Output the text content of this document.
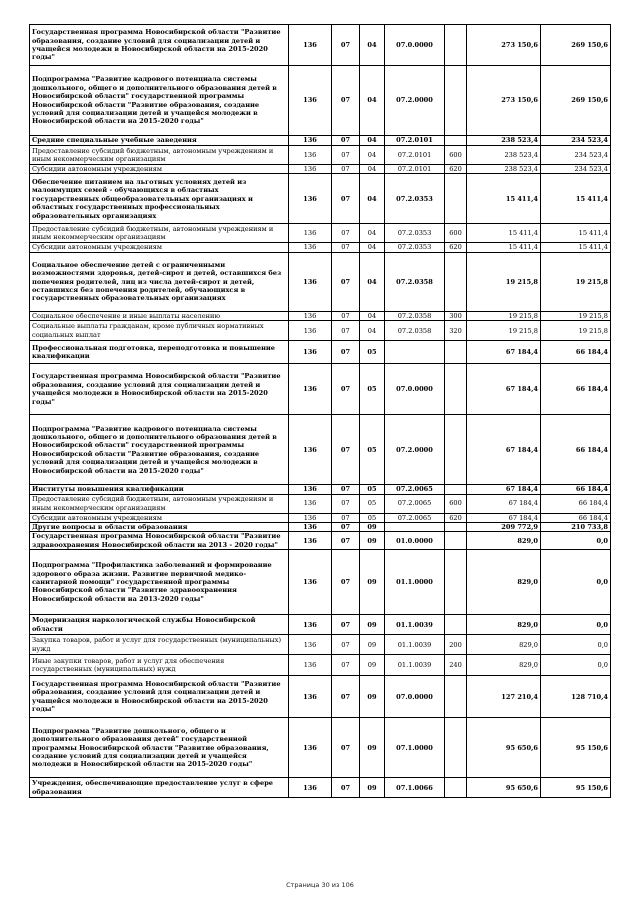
Государственная программа Новосибирской области "Развитие образования, создание условий для социализации детей и учащейся молодежи в Новосибирской области на 2015-2020 годы"	136	07	04	07.0.0000		273 150,6	269 150,6
Подпрограмма "Развитие кадрового потенциала системы дошкольного, общего и дополнительного образования детей в Новосибирской области" государственной программы Новосибирской области "Развитие образования, создание условий для социализации детей и учащейся молодежи в Новосибирской области на 2015-2020 годы"	136	07	04	07.2.0000		273 150,6	269 150,6
Средние специальные учебные заведения	136	07	04	07.2.0101		238 523,4	234 523,4
Предоставление субсидий бюджетным, автономным учреждениям и иным некоммерческим организациям	136	07	04	07.2.0101	600	238 523,4	234 523,4
Субсидии автономным учреждениям	136	07	04	07.2.0101	620	238 523,4	234 523,4
Обеспечение питанием на льготных условиях детей из малоимущих семей - обучающихся в областных государственных общеобразовательных организациях и областных государственных профессиональных образовательных организациях	136	07	04	07.2.0353		15 411,4	15 411,4
Предоставление субсидий бюджетным, автономным учреждениям и иным некоммерческим организациям	136	07	04	07.2.0353	600	15 411,4	15 411,4
Субсидии автономным учреждениям	136	07	04	07.2.0353	620	15 411,4	15 411,4
Социальное обеспечение детей с ограниченными возможностями здоровья, детей-сирот и детей, оставшихся без попечения родителей, лиц из числа детей-сирот и детей, оставшихся без попечения родителей, обучающихся в государственных образовательных организациях	136	07	04	07.2.0358		19 215,8	19 215,8
Социальное обеспечение и иные выплаты населению	136	07	04	07.2.0358	300	19 215,8	19 215,8
Социальные выплаты гражданам, кроме публичных нормативных социальных выплат	136	07	04	07.2.0358	320	19 215,8	19 215,8
Профессиональная подготовка, переподготовка и повышение квалификации	136	07	05			67 184,4	66 184,4
Государственная программа Новосибирской области "Развитие образования, создание условий для социализации детей и учащейся молодежи в Новосибирской области на 2015-2020 годы"	136	07	05	07.0.0000		67 184,4	66 184,4
Подпрограмма "Развитие кадрового потенциала системы дошкольного, общего и дополнительного образования детей в Новосибирской области" государственной программы Новосибирской области "Развитие образования, создание условий для социализации детей и учащейся молодежи в Новосибирской области на 2015-2020 годы"	136	07	05	07.2.0000		67 184,4	66 184,4
Институты повышения квалификации	136	07	05	07.2.0065		67 184,4	66 184,4
Предоставление субсидий бюджетным, автономным учреждениям и иным некоммерческим организациям	136	07	05	07.2.0065	600	67 184,4	66 184,4
Субсидии автономным учреждениям	136	07	05	07.2.0065	620	67 184,4	66 184,4
Другие вопросы в области образования	136	07	09			209 772,9	210 733,8
Государственная программа Новосибирской области "Развитие здравоохранения Новосибирской области на 2013 - 2020 годы"	136	07	09	01.0.0000		829,0	0,0
Подпрограмма "Профилактика заболеваний и формирование здорового образа жизни. Развитие первичной медико-санитарной помощи" государственной программы Новосибирской области "Развитие здравоохранения Новосибирской области на 2013-2020 годы"	136	07	09	01.1.0000		829,0	0,0
Модернизация наркологической службы Новосибирской области	136	07	09	01.1.0039		829,0	0,0
Закупка товаров, работ и услуг для государственных (муниципальных) нужд	136	07	09	01.1.0039	200	829,0	0,0
Иные закупки товаров, работ и услуг для обеспечения государственных (муниципальных) нужд	136	07	09	01.1.0039	240	829,0	0,0
Государственная программа Новосибирской области "Развитие образования, создание условий для социализации детей и учащейся молодежи в Новосибирской области на 2015-2020 годы"	136	07	09	07.0.0000		127 210,4	128 710,4
Подпрограмма "Развитие дошкольного, общего и дополнительного образования детей" государственной программы Новосибирской области "Развитие образования, создание условий для социализации детей и учащейся молодежи в Новосибирской области на 2015-2020 годы"	136	07	09	07.1.0000		95 650,6	95 150,6
Учреждения, обеспечивающие предоставление услуг в сфере образования	136	07	09	07.1.0066		95 650,6	95 150,6
Страница 30 из 106
